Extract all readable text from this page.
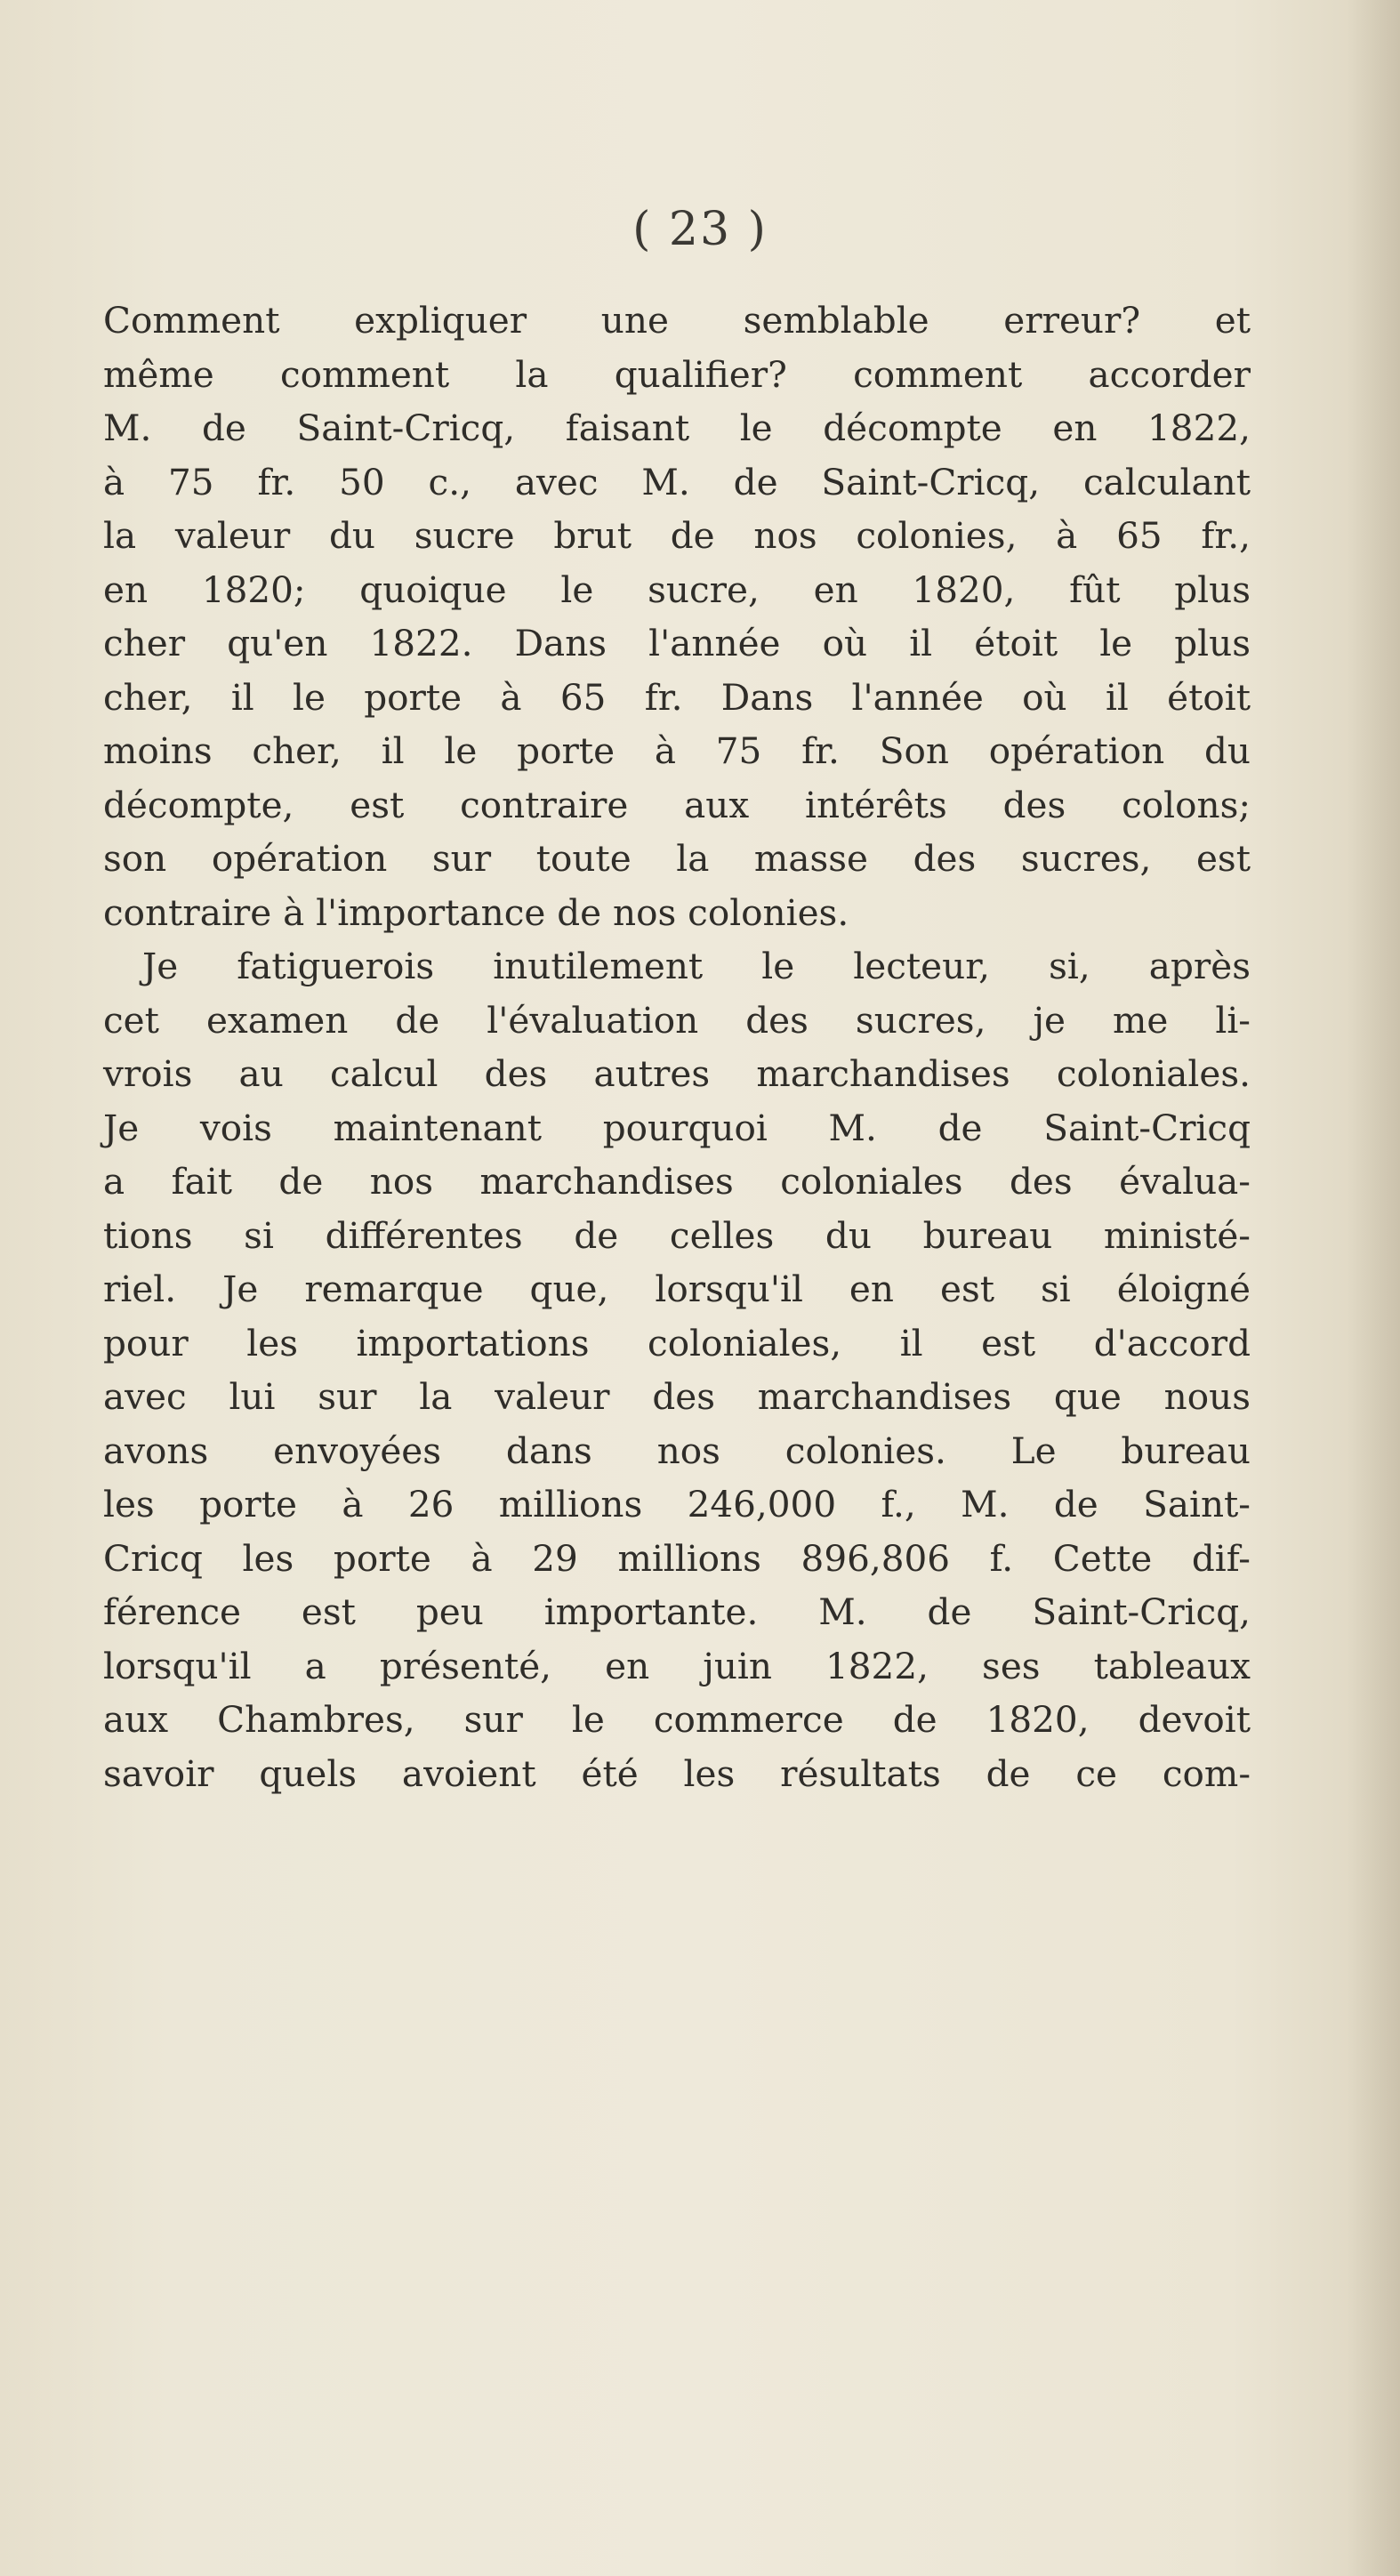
( 23 )
Comment expliquer une semblable erreur? et
même comment la qualifier? comment accorder
M. de Saint-Cricq, faisant le décompte en 1822,
à 75 fr. 50 c., avec M. de Saint-Cricq, calculant
la valeur du sucre brut de nos colonies, à 65 fr.,
en 1820; quoique le sucre, en 1820, fût plus
cher qu'en 1822. Dans l'année où il étoit le plus
cher, il le porte à 65 fr. Dans l'année où il étoit
moins cher, il le porte à 75 fr. Son opération du
décompte, est contraire aux intérêts des colons;
son opération sur toute la masse des sucres, est
contraire à l'importance de nos colonies.
Je fatiguerois inutilement le lecteur, si, après
cet examen de l'évaluation des sucres, je me li-
vrois au calcul des autres marchandises coloniales.
Je vois maintenant pourquoi M. de Saint-Cricq
a fait de nos marchandises coloniales des évalua-
tions si différentes de celles du bureau ministé-
riel. Je remarque que, lorsqu'il en est si éloigné
pour les importations coloniales, il est d'accord
avec lui sur la valeur des marchandises que nous
avons envoyées dans nos colonies. Le bureau
les porte à 26 millions 246,000 f., M. de Saint-
Cricq les porte à 29 millions 896,806 f. Cette dif-
férence est peu importante. M. de Saint-Cricq,
lorsqu'il a présenté, en juin 1822, ses tableaux
aux Chambres, sur le commerce de 1820, devoit
savoir quels avoient été les résultats de ce com-
